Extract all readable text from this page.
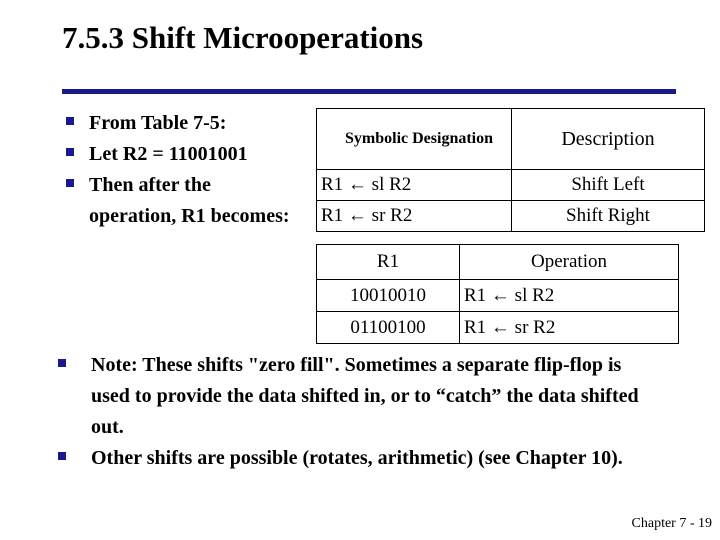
7.5.3 Shift Microoperations
From Table 7-5:
Let R2 = 11001001
Then after the operation, R1 becomes:
Symbolic Designation	Description
R1 ← sl R2	Shift Left
R1 ← sr R2	Shift Right
R1	Operation
10010010	R1 ← sl R2
01100100	R1 ← sr R2
Note: These shifts "zero fill". Sometimes a separate flip-flop is used to provide the data shifted in, or to “catch” the data shifted out.
Other shifts are possible (rotates, arithmetic) (see Chapter 10).
Chapter 7 - 19
